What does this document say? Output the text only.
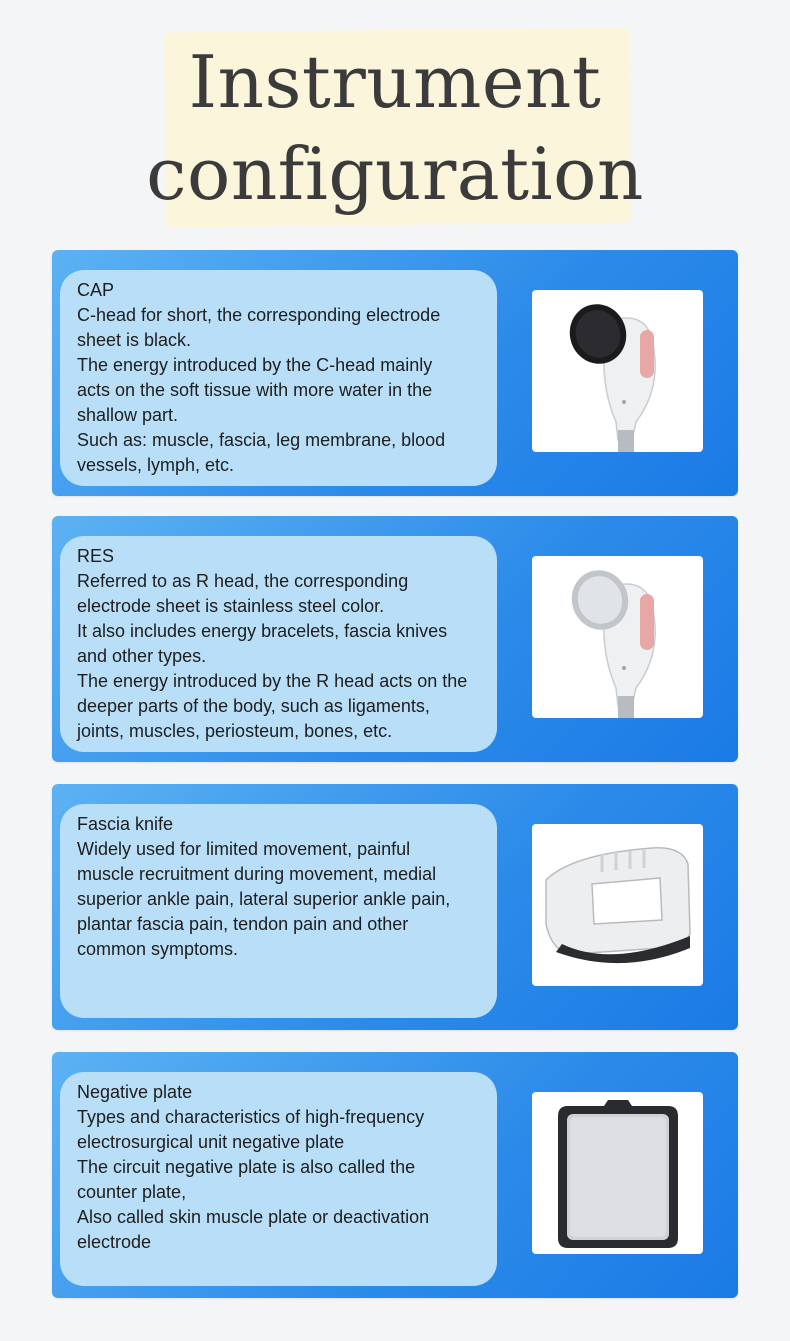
Instrument
configuration

CAP

C-head for short, the corresponding electrode

sheet is black.

The energy introduced by the C-head mainly

acts on the soft tissue with more water in the

shallow part.

Such as: muscle, fascia, leg membrane, blood

vessels, lymph, etc.

RES

Referred to as R head, the corresponding

electrode sheet is stainless steel color.

It also includes energy bracelets, fascia knives

and other types.

The energy introduced by the R head acts on the

deeper parts of the body, such as ligaments,

joints, muscles, periosteum, bones, etc.

Fascia knife

Widely used for limited movement, painful

muscle recruitment during movement, medial

superior ankle pain, lateral superior ankle pain,

plantar fascia pain, tendon pain and other

common symptoms.

Negative plate

Types and characteristics of high-frequency

electrosurgical unit negative plate

The circuit negative plate is also called the

counter plate,

Also called skin muscle plate or deactivation

electrode
